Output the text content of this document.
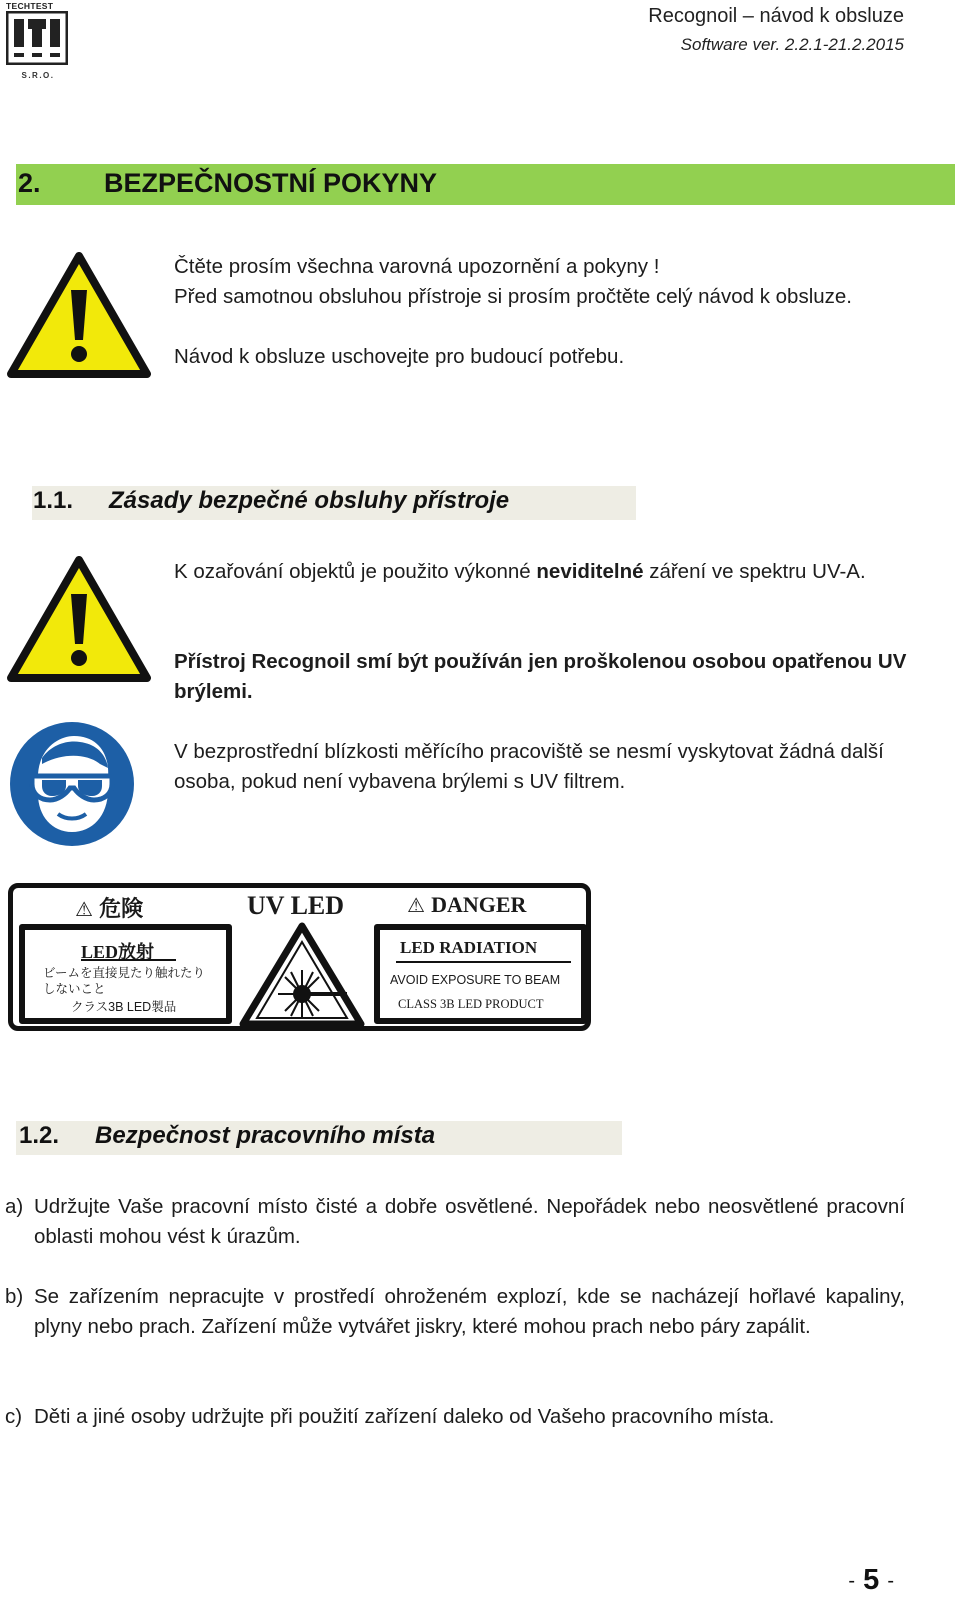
TECHTEST
S.R.O.
Recognoil – návod k obsluze
Software ver. 2.2.1-21.2.2015
2. BEZPEČNOSTNÍ POKYNY
Čtěte prosím všechna varovná upozornění a pokyny !
Před samotnou obsluhou přístroje si prosím pročtěte celý návod k obsluze.
Návod k obsluze uschovejte pro budoucí potřebu.
1.1. Zásady bezpečné obsluhy přístroje
K ozařování objektů je použito výkonné neviditelné záření ve spektru UV-A.
Přístroj Recognoil smí být používán jen proškolenou osobou opatřenou UV brýlemi.
V bezprostřední blízkosti měřícího pracoviště se nesmí vyskytovat žádná další osoba, pokud není vybavena brýlemi s UV filtrem.
⚠ 危険
LED放射
ビームを直接見たり触れたり
しないこと
クラス3B LED製品
UV LED	⚠ DANGER
LED RADIATION
AVOID EXPOSURE TO BEAM
CLASS 3B LED PRODUCT
1.2. Bezpečnost pracovního místa
a) Udržujte Vaše pracovní místo čisté a dobře osvětlené. Nepořádek nebo neosvětlené pracovní oblasti mohou vést k úrazům.
b) Se zařízením nepracujte v prostředí ohroženém explozí, kde se nacházejí hořlavé kapaliny, plyny nebo prach. Zařízení může vytvářet jiskry, které mohou prach nebo páry zapálit.
c) Děti a jiné osoby udržujte při použití zařízení daleko od Vašeho pracovního místa.
- 5 -
